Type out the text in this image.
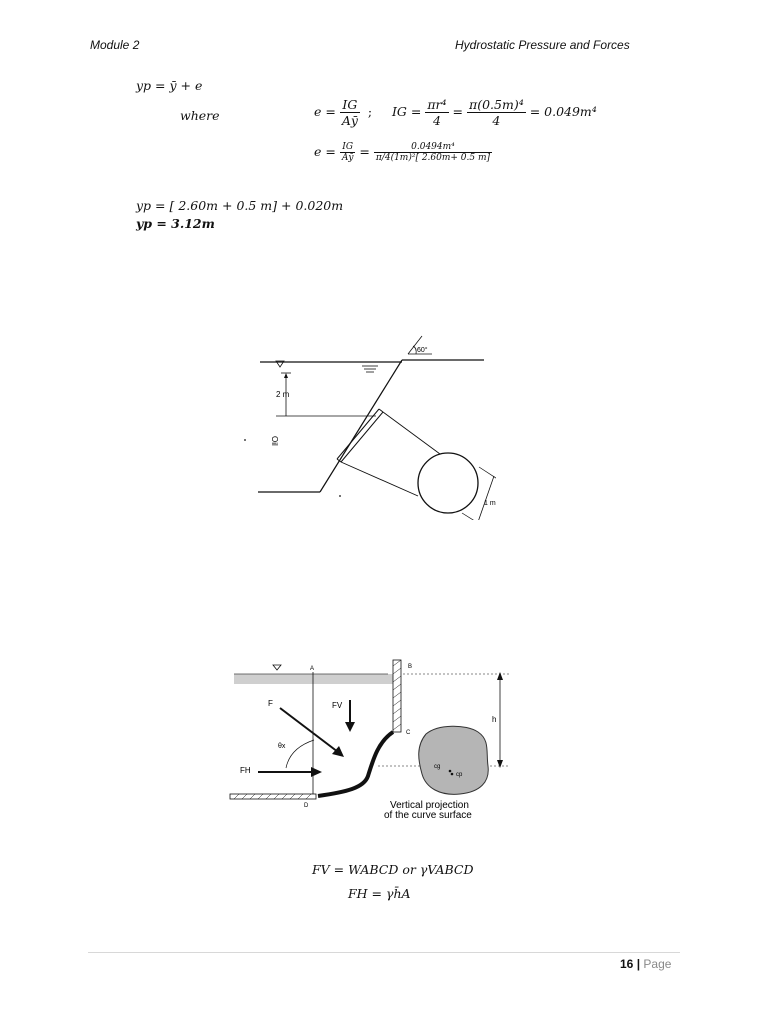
Module 2	Hydrostatic Pressure and Forces
yp = ȳ + e
where	$e = \frac{IG}{Aȳ}$ ; IG = $\frac{\text{πr⁴}}{4} = \frac{\text{π(0.5m)⁴}}{4} = 0.049m^4$
$e = \frac{IG}{Aȳ} = \frac{\text{0.0494m⁴}}{\text{π/4(1m)²[ 2.60m+ 0.5 m]}}$
yp = [ 2.60m + 0.5 m] + 0.020m
yp = 3.12m
60°
2 m
1 m
Oil
A	B
C
D
F	FV
θx
FH
h
cg
cp
Vertical projection
of the curve surface
FV = WABCD or γVABCD
FH = γh̄A
16 | Page
